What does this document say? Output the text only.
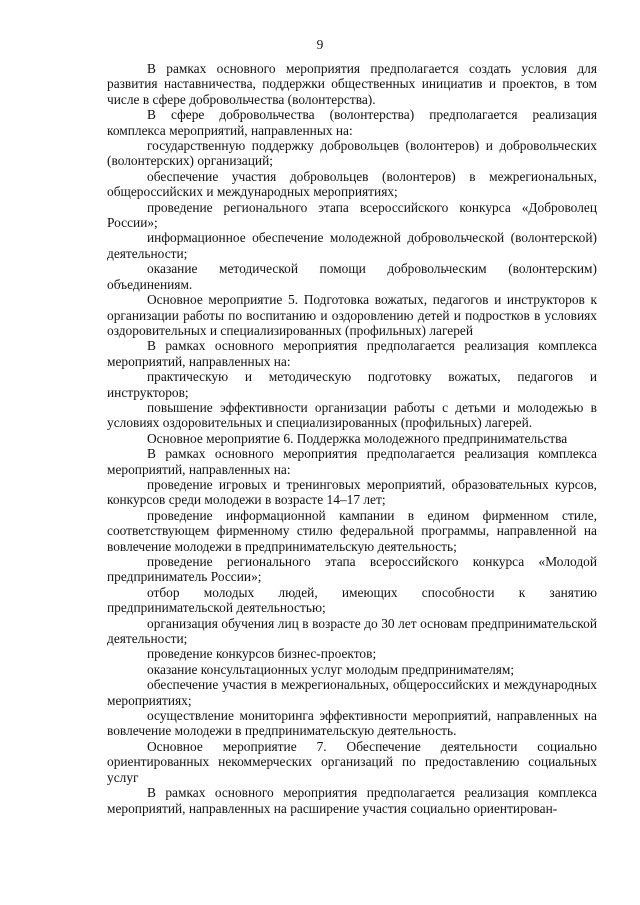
9

В рамках основного мероприятия предполагается создать условия для развития наставничества, поддержки общественных инициатив и проектов, в том числе в сфере добровольчества (волонтерства).

В сфере добровольчества (волонтерства) предполагается реализация комплекса мероприятий, направленных на:

государственную поддержку добровольцев (волонтеров) и добровольческих (волонтерских) организаций;

обеспечение участия добровольцев (волонтеров) в межрегиональных, общероссийских и международных мероприятиях;

проведение регионального этапа всероссийского конкурса «Доброволец России»;

информационное обеспечение молодежной добровольческой (волонтерской) деятельности;

оказание методической помощи добровольческим (волонтерским) объединениям.

Основное мероприятие 5. Подготовка вожатых, педагогов и инструкторов к организации работы по воспитанию и оздоровлению детей и подростков в условиях оздоровительных и специализированных (профильных) лагерей

В рамках основного мероприятия предполагается реализация комплекса мероприятий, направленных на:

практическую и методическую подготовку вожатых, педагогов и инструкторов;

повышение эффективности организации работы с детьми и молодежью в условиях оздоровительных и специализированных (профильных) лагерей.

Основное мероприятие 6. Поддержка молодежного предпринимательства

В рамках основного мероприятия предполагается реализация комплекса мероприятий, направленных на:

проведение игровых и тренинговых мероприятий, образовательных курсов, конкурсов среди молодежи в возрасте 14–17 лет;

проведение информационной кампании в едином фирменном стиле, соответствующем фирменному стилю федеральной программы, направленной на вовлечение молодежи в предпринимательскую деятельность;

проведение регионального этапа всероссийского конкурса «Молодой предприниматель России»;

отбор молодых людей, имеющих способности к занятию предпринимательской деятельностью;

организация обучения лиц в возрасте до 30 лет основам предпринимательской деятельности;

проведение конкурсов бизнес-проектов;

оказание консультационных услуг молодым предпринимателям;

обеспечение участия в межрегиональных, общероссийских и международных мероприятиях;

осуществление мониторинга эффективности мероприятий, направленных на вовлечение молодежи в предпринимательскую деятельность.

Основное мероприятие 7. Обеспечение деятельности социально ориентированных некоммерческих организаций по предоставлению социальных услуг

В рамках основного мероприятия предполагается реализация комплекса мероприятий, направленных на расширение участия социально ориентирован-
